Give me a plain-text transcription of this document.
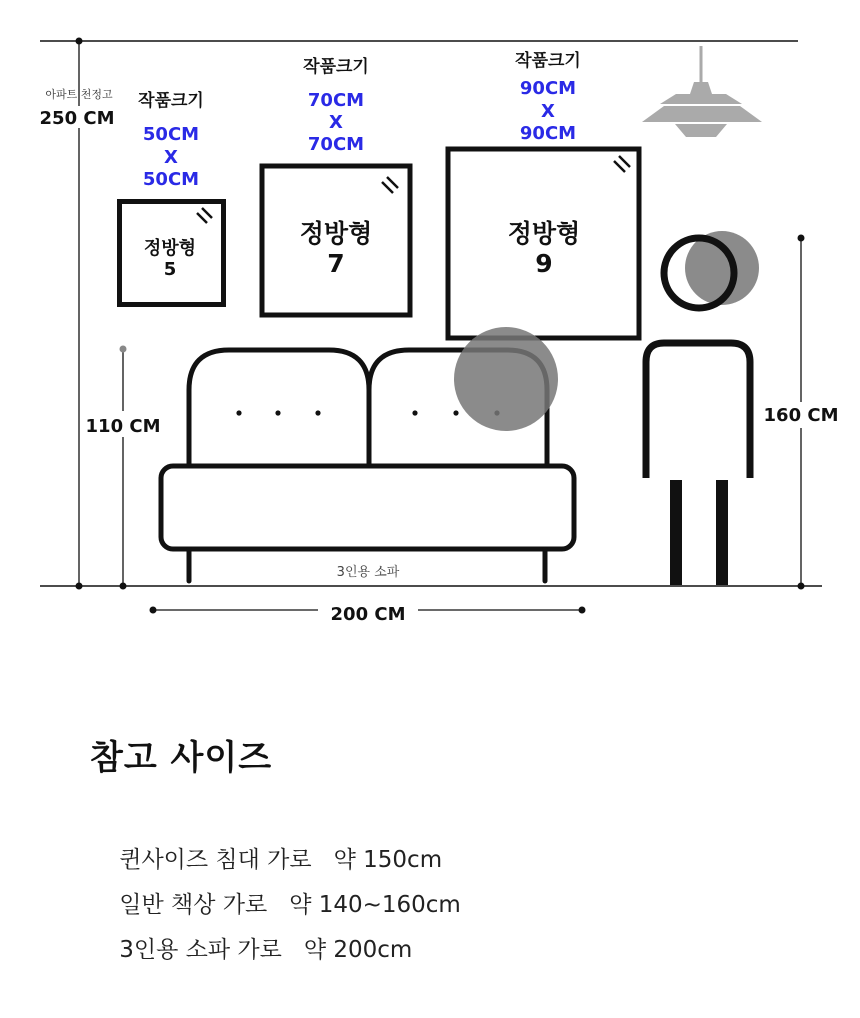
아파트 천정고
250 CM
작품크기
50CM
X
50CM
정방형
5
작품크기
70CM
X
70CM
정방형
7
작품크기
90CM
X
90CM
정방형
9
110 CM
3인용 소파
200 CM
160 CM
참고 사이즈

퀸사이즈 침대 가로 약 150cm

일반 책상 가로 약 140~160cm

3인용 소파 가로 약 200cm
